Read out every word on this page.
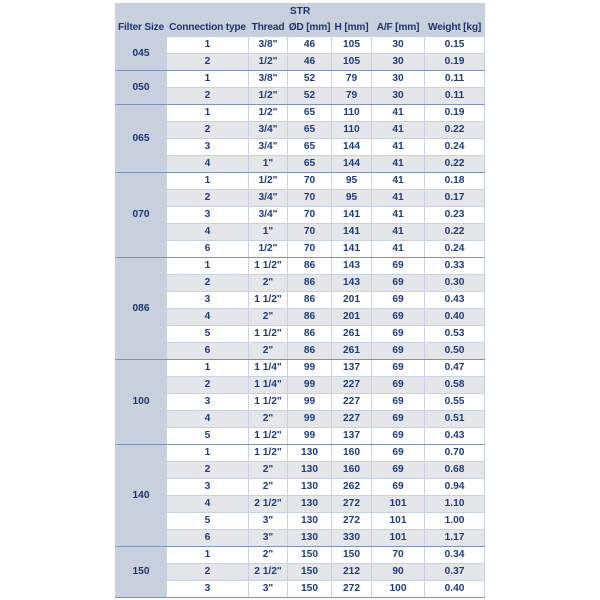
STR						
Filter Size	Connection type	Thread	ØD [mm]	H [mm]	A/F [mm]	Weight [kg]
045	1	3/8"	46	105	30	0.15
	2	1/2"	46	105	30	0.19
050	1	3/8"	52	79	30	0.11
	2	1/2"	52	79	30	0.11
065	1	1/2"	65	110	41	0.19
	2	3/4"	65	110	41	0.22
	3	3/4"	65	144	41	0.24
	4	1"	65	144	41	0.22
070	1	1/2"	70	95	41	0.18
	2	3/4"	70	95	41	0.17
	3	3/4"	70	141	41	0.23
	4	1"	70	141	41	0.22
	6	1/2"	70	141	41	0.24
086	1	1 1/2"	86	143	69	0.33
	2	2"	86	143	69	0.30
	3	1 1/2"	86	201	69	0.43
	4	2"	86	201	69	0.40
	5	1 1/2"	86	261	69	0.53
	6	2"	86	261	69	0.50
100	1	1 1/4"	99	137	69	0.47
	2	1 1/4"	99	227	69	0.58
	3	1 1/2"	99	227	69	0.55
	4	2"	99	227	69	0.51
	5	1 1/2"	99	137	69	0.43
140	1	1 1/2"	130	160	69	0.70
	2	2"	130	160	69	0.68
	3	2"	130	262	69	0.94
	4	2 1/2"	130	272	101	1.10
	5	3"	130	272	101	1.00
	6	3"	130	330	101	1.17
150	1	2"	150	150	70	0.34
	2	2 1/2"	150	212	90	0.37
	3	3"	150	272	100	0.40
